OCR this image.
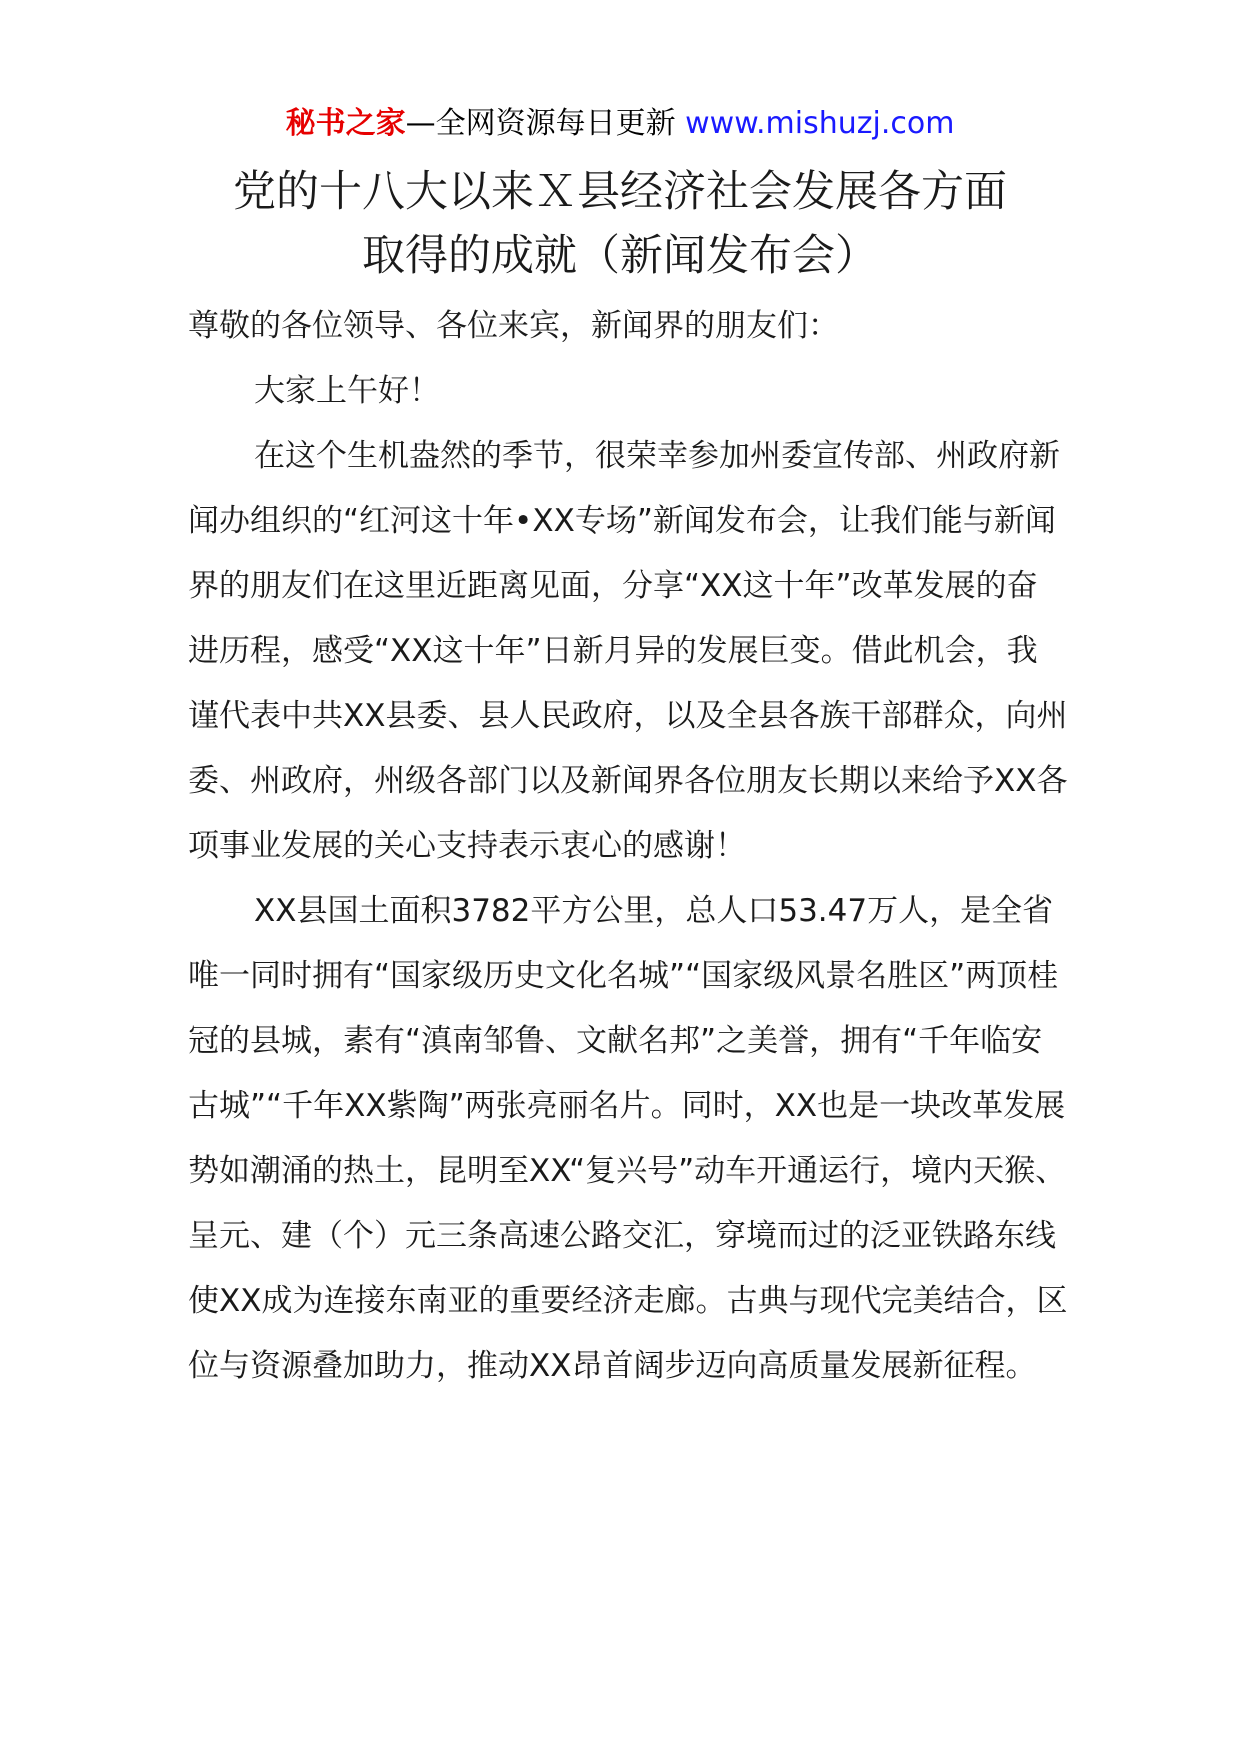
秘书之家—全网资源每日更新 www.mishuzj.com
党的十八大以来Ｘ县经济社会发展各方面
取得的成就（新闻发布会）

尊敬的各位领导、各位来宾，新闻界的朋友们：

大家上午好！

在这个生机盎然的季节，很荣幸参加州委宣传部、州政府新闻办组织的“红河这十年•XX专场”新闻发布会，让我们能与新闻界的朋友们在这里近距离见面，分享“XX这十年”改革发展的奋进历程，感受“XX这十年”日新月异的发展巨变。借此机会，我谨代表中共XX县委、县人民政府，以及全县各族干部群众，向州委、州政府，州级各部门以及新闻界各位朋友长期以来给予XX各项事业发展的关心支持表示衷心的感谢！

XX县国土面积3782平方公里，总人口53.47万人，是全省唯一同时拥有“国家级历史文化名城”“国家级风景名胜区”两顶桂冠的县城，素有“滇南邹鲁、文献名邦”之美誉，拥有“千年临安古城”“千年XX紫陶”两张亮丽名片。同时，XX也是一块改革发展势如潮涌的热土，昆明至XX“复兴号”动车开通运行，境内天猴、呈元、建（个）元三条高速公路交汇，穿境而过的泛亚铁路东线使XX成为连接东南亚的重要经济走廊。古典与现代完美结合，区位与资源叠加助力，推动XX昂首阔步迈向高质量发展新征程。
